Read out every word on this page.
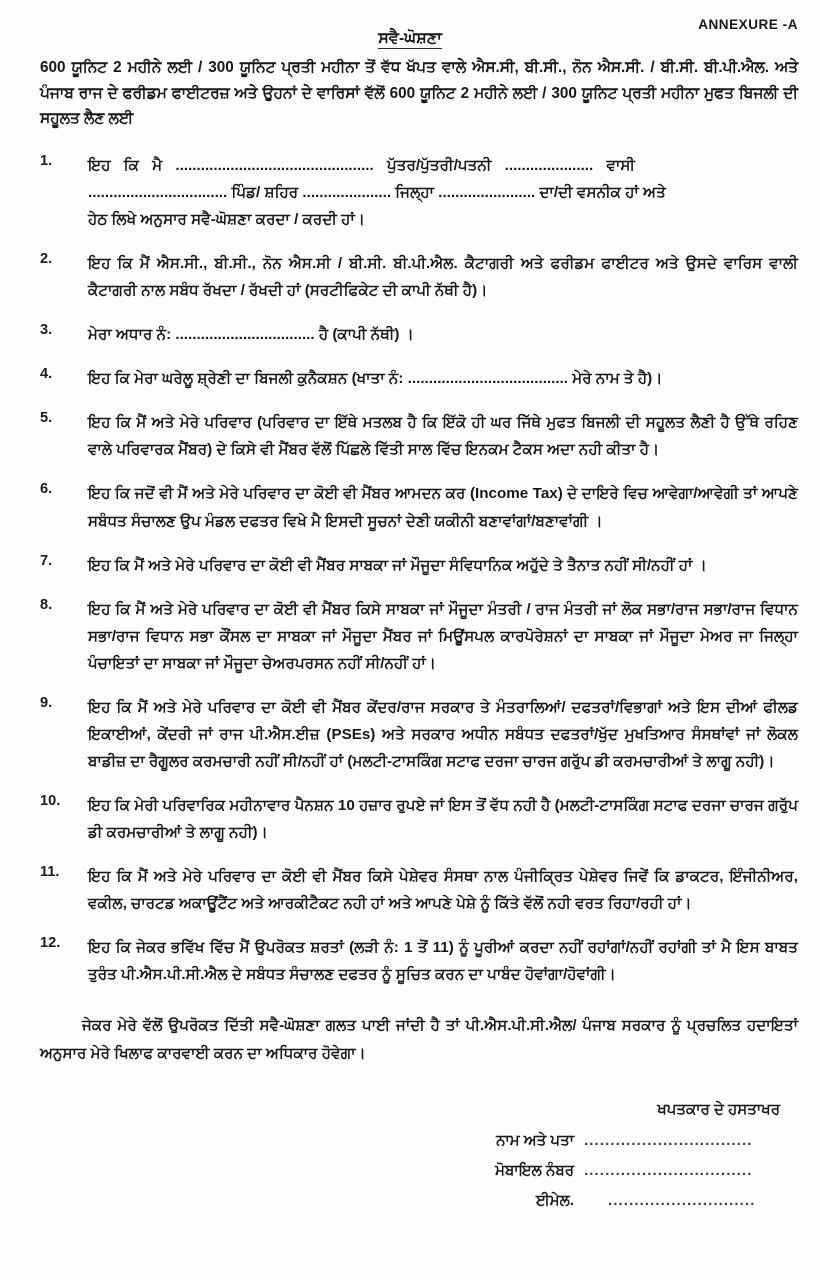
ANNEXURE -A
ਸਵੈ-ਘੋਸ਼ਣਾ
600 ਯੂਨਿਟ 2 ਮਹੀਨੇ ਲਈ / 300 ਯੂਨਿਟ ਪ੍ਰਤੀ ਮਹੀਨਾ ਤੋਂ ਵੱਧ ਖੱਪਤ ਵਾਲੇ ਐਸ.ਸੀ, ਬੀ.ਸੀ., ਨੋਨ ਐਸ.ਸੀ. / ਬੀ.ਸੀ. ਬੀ.ਪੀ.ਐਲ. ਅਤੇ ਪੰਜਾਬ ਰਾਜ ਦੇ ਫਰੀਡਮ ਫਾਈਟਰਜ਼ ਅਤੇ ਉਹਨਾਂ ਦੇ ਵਾਰਿਸਾਂ ਵੱਲੋਂ 600 ਯੂਨਿਟ 2 ਮਹੀਨੇ ਲਈ / 300 ਯੂਨਿਟ ਪ੍ਰਤੀ ਮਹੀਨਾ ਮੁਫਤ ਬਿਜਲੀ ਦੀ ਸਹੂਲਤ ਲੈਣ ਲਈ
1.	ਇਹ ਕਿ ਮੈ ............................................... ਪੁੱਤਰ/ਪੁੱਤਰੀ/ਪਤਨੀ ..................... ਵਾਸੀ
................................. ਪਿੰਡ/ ਸ਼ਹਿਰ ..................... ਜਿਲ੍ਹਾ ....................... ਦਾ/ਦੀ ਵਸਨੀਕ ਹਾਂ ਅਤੇ
ਹੇਠ ਲਿਖੇ ਅਨੁਸਾਰ ਸਵੈ-ਘੋਸ਼ਣਾ ਕਰਦਾ / ਕਰਦੀ ਹਾਂ।
2.	ਇਹ ਕਿ ਮੈਂ ਐਸ.ਸੀ., ਬੀ.ਸੀ., ਨੋਨ ਐਸ.ਸੀ / ਬੀ.ਸੀ. ਬੀ.ਪੀ.ਐਲ. ਕੈਟਾਗਰੀ ਅਤੇ ਫਰੀਡਮ ਫਾਈਟਰ ਅਤੇ ਉਸਦੇ ਵਾਰਿਸ ਵਾਲੀ ਕੈਟਾਗਰੀ ਨਾਲ ਸਬੰਧ ਰੱਖਦਾ / ਰੱਖਦੀ ਹਾਂ (ਸਰਟੀਫਿਕੇਟ ਦੀ ਕਾਪੀ ਨੱਥੀ ਹੈ)।
3.	ਮੇਰਾ ਅਧਾਰ ਨੰ: ................................. ਹੈ (ਕਾਪੀ ਨੱਥੀ) ।
4.	ਇਹ ਕਿ ਮੇਰਾ ਘਰੇਲੂ ਸ਼੍ਰੇਣੀ ਦਾ ਬਿਜਲੀ ਕੁਨੈਕਸ਼ਨ (ਖਾਤਾ ਨੰ: ...................................... ਮੇਰੇ ਨਾਮ ਤੇ ਹੈ)।
5.	ਇਹ ਕਿ ਮੈਂ ਅਤੇ ਮੇਰੇ ਪਰਿਵਾਰ (ਪਰਿਵਾਰ ਦਾ ਇੱਥੇ ਮਤਲਬ ਹੈ ਕਿ ਇੱਕੋ ਹੀ ਘਰ ਜਿੱਥੇ ਮੁਫਤ ਬਿਜਲੀ ਦੀ ਸਹੂਲਤ ਲੈਣੀ ਹੈ ਉੱਥੇ ਰਹਿਣ ਵਾਲੇ ਪਰਿਵਾਰਕ ਮੈਂਬਰ) ਦੇ ਕਿਸੇ ਵੀ ਮੈਂਬਰ ਵੱਲੋਂ ਪਿੱਛਲੇ ਵਿੱਤੀ ਸਾਲ ਵਿੱਚ ਇਨਕਮ ਟੈਕਸ ਅਦਾ ਨਹੀ ਕੀਤਾ ਹੈ।
6.	ਇਹ ਕਿ ਜਦੋਂ ਵੀ ਮੈਂ ਅਤੇ ਮੇਰੇ ਪਰਿਵਾਰ ਦਾ ਕੋਈ ਵੀ ਮੈਂਬਰ ਆਮਦਨ ਕਰ (Income Tax) ਦੇ ਦਾਇਰੇ ਵਿਚ ਆਵੇਗਾ/ਆਵੇਗੀ ਤਾਂ ਆਪਣੇ ਸਬੰਧਤ ਸੰਚਾਲਣ ਉਪ ਮੰਡਲ ਦਫਤਰ ਵਿਖੇ ਮੈ ਇਸਦੀ ਸੂਚਨਾਂ ਦੇਣੀ ਯਕੀਨੀ ਬਣਾਵਾਂਗਾਂ/ਬਣਾਵਾਂਗੀ ।
7.	ਇਹ ਕਿ ਮੈਂ ਅਤੇ ਮੇਰੇ ਪਰਿਵਾਰ ਦਾ ਕੋਈ ਵੀ ਮੈਂਬਰ ਸਾਬਕਾ ਜਾਂ ਮੌਜੂਦਾ ਸੰਵਿਧਾਨਿਕ ਅਹੁੱਦੇ ਤੇ ਤੈਨਾਤ ਨਹੀਂ ਸੀ/ਨਹੀਂ ਹਾਂ ।
8.	ਇਹ ਕਿ ਮੈਂ ਅਤੇ ਮੇਰੇ ਪਰਿਵਾਰ ਦਾ ਕੋਈ ਵੀ ਮੈਂਬਰ ਕਿਸੇ ਸਾਬਕਾ ਜਾਂ ਮੌਜੂਦਾ ਮੰਤਰੀ / ਰਾਜ ਮੰਤਰੀ ਜਾਂ ਲੋਕ ਸਭਾ/ਰਾਜ ਸਭਾ/ਰਾਜ ਵਿਧਾਨ ਸਭਾ/ਰਾਜ ਵਿਧਾਨ ਸਭਾ ਕੌਂਸਲ ਦਾ ਸਾਬਕਾ ਜਾਂ ਮੌਜੂਦਾ ਮੈਂਬਰ ਜਾਂ ਮਿਊਂਸਪਲ ਕਾਰਪੋਰੇਸ਼ਨਾਂ ਦਾ ਸਾਬਕਾ ਜਾਂ ਮੌਜੂਦਾ ਮੇਅਰ ਜਾ ਜਿਲ੍ਹਾ ਪੰਚਾਇਤਾਂ ਦਾ ਸਾਬਕਾ ਜਾਂ ਮੌਜੂਦਾ ਚੇਅਰਪਰਸਨ ਨਹੀਂ ਸੀ/ਨਹੀਂ ਹਾਂ।
9.	ਇਹ ਕਿ ਮੈਂ ਅਤੇ ਮੇਰੇ ਪਰਿਵਾਰ ਦਾ ਕੋਈ ਵੀ ਮੈਂਬਰ ਕੇਂਦਰ/ਰਾਜ ਸਰਕਾਰ ਤੇ ਮੰਤਰਾਲਿਆਂ/ ਦਫਤਰਾਂ/ਵਿਭਾਗਾਂ ਅਤੇ ਇਸ ਦੀਆਂ ਫੀਲਡ ਇਕਾਈਆਂ, ਕੇਂਦਰੀ ਜਾਂ ਰਾਜ ਪੀ.ਐਸ.ਈਜ਼ (PSEs) ਅਤੇ ਸਰਕਾਰ ਅਧੀਨ ਸਬੰਧਤ ਦਫਤਰਾਂ/ਖੁੱਦ ਮੁਖਤਿਆਰ ਸੰਸਥਾਂਵਾਂ ਜਾਂ ਲੋਕਲ ਬਾਡੀਜ਼ ਦਾ ਰੈਗੂਲਰ ਕਰਮਚਾਰੀ ਨਹੀਂ ਸੀ/ਨਹੀਂ ਹਾਂ (ਮਲਟੀ-ਟਾਸਕਿੰਗ ਸਟਾਫ ਦਰਜਾ ਚਾਰਜ ਗਰੁੱਪ ਡੀ ਕਰਮਚਾਰੀਆਂ ਤੇ ਲਾਗੂ ਨਹੀ)।
10.	ਇਹ ਕਿ ਮੇਰੀ ਪਰਿਵਾਰਿਕ ਮਹੀਨਾਵਾਰ ਪੈਨਸ਼ਨ 10 ਹਜ਼ਾਰ ਰੁਪਏ ਜਾਂ ਇਸ ਤੋਂ ਵੱਧ ਨਹੀ ਹੈ (ਮਲਟੀ-ਟਾਸਕਿੰਗ ਸਟਾਫ ਦਰਜਾ ਚਾਰਜ ਗਰੁੱਪ ਡੀ ਕਰਮਚਾਰੀਆਂ ਤੇ ਲਾਗੂ ਨਹੀ)।
11.	ਇਹ ਕਿ ਮੈਂ ਅਤੇ ਮੇਰੇ ਪਰਿਵਾਰ ਦਾ ਕੋਈ ਵੀ ਮੈਂਬਰ ਕਿਸੇ ਪੇਸ਼ੇਵਰ ਸੰਸਥਾ ਨਾਲ ਪੰਜੀਕ੍ਰਿਤ ਪੇਸ਼ੇਵਰ ਜਿਵੇਂ ਕਿ ਡਾਕਟਰ, ਇੰਜੀਨੀਅਰ, ਵਕੀਲ, ਚਾਰਟਡ ਅਕਾਊਂਟੈਂਟ ਅਤੇ ਆਰਕੀਟੈਕਟ ਨਹੀ ਹਾਂ ਅਤੇ ਆਪਣੇ ਪੇਸ਼ੇ ਨੂੰ ਕਿੱਤੇ ਵੱਲੋਂ ਨਹੀ ਵਰਤ ਰਿਹਾ/ਰਹੀ ਹਾਂ।
12.	ਇਹ ਕਿ ਜੇਕਰ ਭਵਿੱਖ ਵਿੱਚ ਮੈਂ ਉਪਰੋਕਤ ਸ਼ਰਤਾਂ (ਲੜੀ ਨੰ: 1 ਤੋਂ 11) ਨੂੰ ਪੂਰੀਆਂ ਕਰਦਾ ਨਹੀਂ ਰਹਾਂਗਾਂ/ਨਹੀਂ ਰਹਾਂਗੀ ਤਾਂ ਮੈ ਇਸ ਬਾਬਤ ਤੁਰੰਤ ਪੀ.ਐਸ.ਪੀ.ਸੀ.ਐਲ ਦੇ ਸਬੰਧਤ ਸੰਚਾਲਣ ਦਫਤਰ ਨੂੰ ਸੂਚਿਤ ਕਰਨ ਦਾ ਪਾਬੰਦ ਹੋਵਾਂਗਾ/ਹੋਵਾਂਗੀ।
ਜੇਕਰ ਮੇਰੇ ਵੱਲੋਂ ਉਪਰੋਕਤ ਦਿੱਤੀ ਸਵੈ-ਘੋਸ਼ਣਾ ਗਲਤ ਪਾਈ ਜਾਂਦੀ ਹੈ ਤਾਂ ਪੀ.ਐਸ.ਪੀ.ਸੀ.ਐਲ/ ਪੰਜਾਬ ਸਰਕਾਰ ਨੂੰ ਪ੍ਰਚਲਿਤ ਹਦਾਇਤਾਂ ਅਨੁਸਾਰ ਮੇਰੇ ਖਿਲਾਫ ਕਾਰਵਾਈ ਕਰਨ ਦਾ ਅਧਿਕਾਰ ਹੋਵੇਗਾ।
ਖਪਤਕਾਰ ਦੇ ਹਸਤਾਖਰ
ਨਾਮ ਅਤੇ ਪਤਾ ................................
ਮੋਬਾਇਲ ਨੰਬਰ ................................
ਈਮੇਲ. ............................
